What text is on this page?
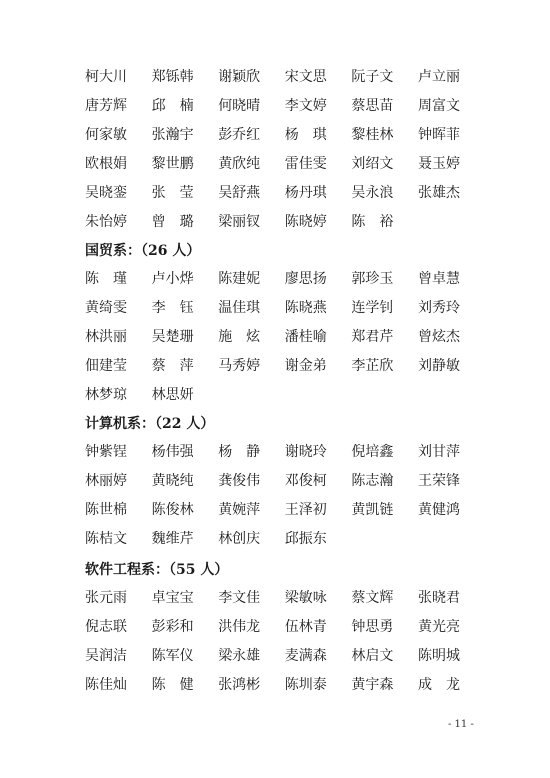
柯大川 郑铄韩 谢颖欣 宋文思 阮子文 卢立丽
唐芳辉 邱 楠 何晓晴 李文婷 蔡思苗 周富文
何家敏 张瀚宇 彭乔红 杨 琪 黎桂林 钟晖菲
欧根娟 黎世鹏 黄欣纯 雷佳雯 刘绍文 聂玉婷
吴晓銮 张 莹 吴舒燕 杨丹琪 吴永浪 张雄杰
朱怡婷 曾 璐 梁丽钗 陈晓婷 陈 裕
国贸系：（26 人）
陈 瑾 卢小烨 陈建妮 廖思扬 郭珍玉 曾卓慧
黄绮雯 李 钰 温佳琪 陈晓燕 连学钊 刘秀玲
林洪丽 吴楚珊 施 炫 潘桂喻 郑君芹 曾炫杰
佃建莹 蔡 萍 马秀婷 谢金弟 李芷欣 刘静敏
林梦琼 林思妍
计算机系：（22 人）
钟紫锃 杨伟强 杨 静 谢晓玲 倪培鑫 刘甘萍
林丽婷 黄晓纯 龚俊伟 邓俊柯 陈志瀚 王荣锋
陈世棉 陈俊林 黄婉萍 王泽初 黄凯链 黄健鸿
陈桔文 魏维芹 林创庆 邱振东
软件工程系：（55 人）
张元雨 卓宝宝 李文佳 梁敏咏 蔡文辉 张晓君
倪志联 彭彩和 洪伟龙 伍林青 钟思勇 黄光亮
吴润洁 陈军仪 梁永雄 麦满森 林启文 陈明城
陈佳灿 陈 健 张鸿彬 陈圳泰 黄宇森 成 龙
- 11 -
